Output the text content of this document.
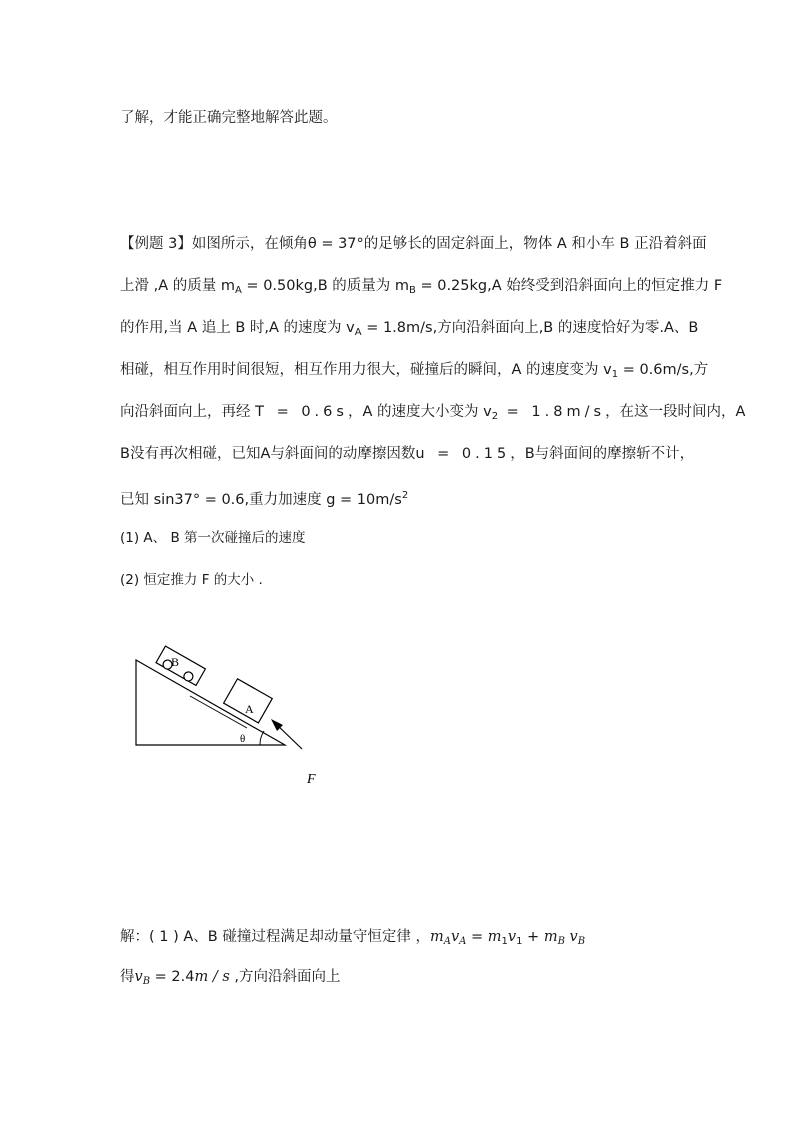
了解，才能正确完整地解答此题。
【例题 3】如图所示，在倾角θ = 37°的足够长的固定斜面上，物体 A 和小车 B 正沿着斜面
上滑 ,A 的质量 $m_A = 0.50kg,B$ 的质量为 $m_B = 0.25kg,A$ 始终受到沿斜面向上的恒定推力 F
的作用,当 A 追上 B 时,A 的速度为 $v_A = 1.8m/s$,方向沿斜面向上,B 的速度恰好为零.A、B
相碰，相互作用时间很短，相互作用力很大，碰撞后的瞬间，A 的速度变为 $v_1 = 0.6m/s$,方
向沿斜面向上，再经 T = 0.6s，A 的速度大小变为 $v_2 = 1.8m/s$，在这一段时间内，A
B没有再次相碰，已知A与斜面间的动摩擦因数u = 0.15，B与斜面间的摩擦斩不计，
已知 sin37° = 0.6,重力加速度 $g = 10m/s^2$
(1) A、 B 第一次碰撞后的速度
(2) 恒定推力 F 的大小 .
B
A
θ
F
解：( 1 ) A、B 碰撞过程满足却动量守恒定律 ，$m_Av_A = m_1v_1 + m_B$ $v_B$
得$v_B = 2.4m / s$ ,方向沿斜面向上
